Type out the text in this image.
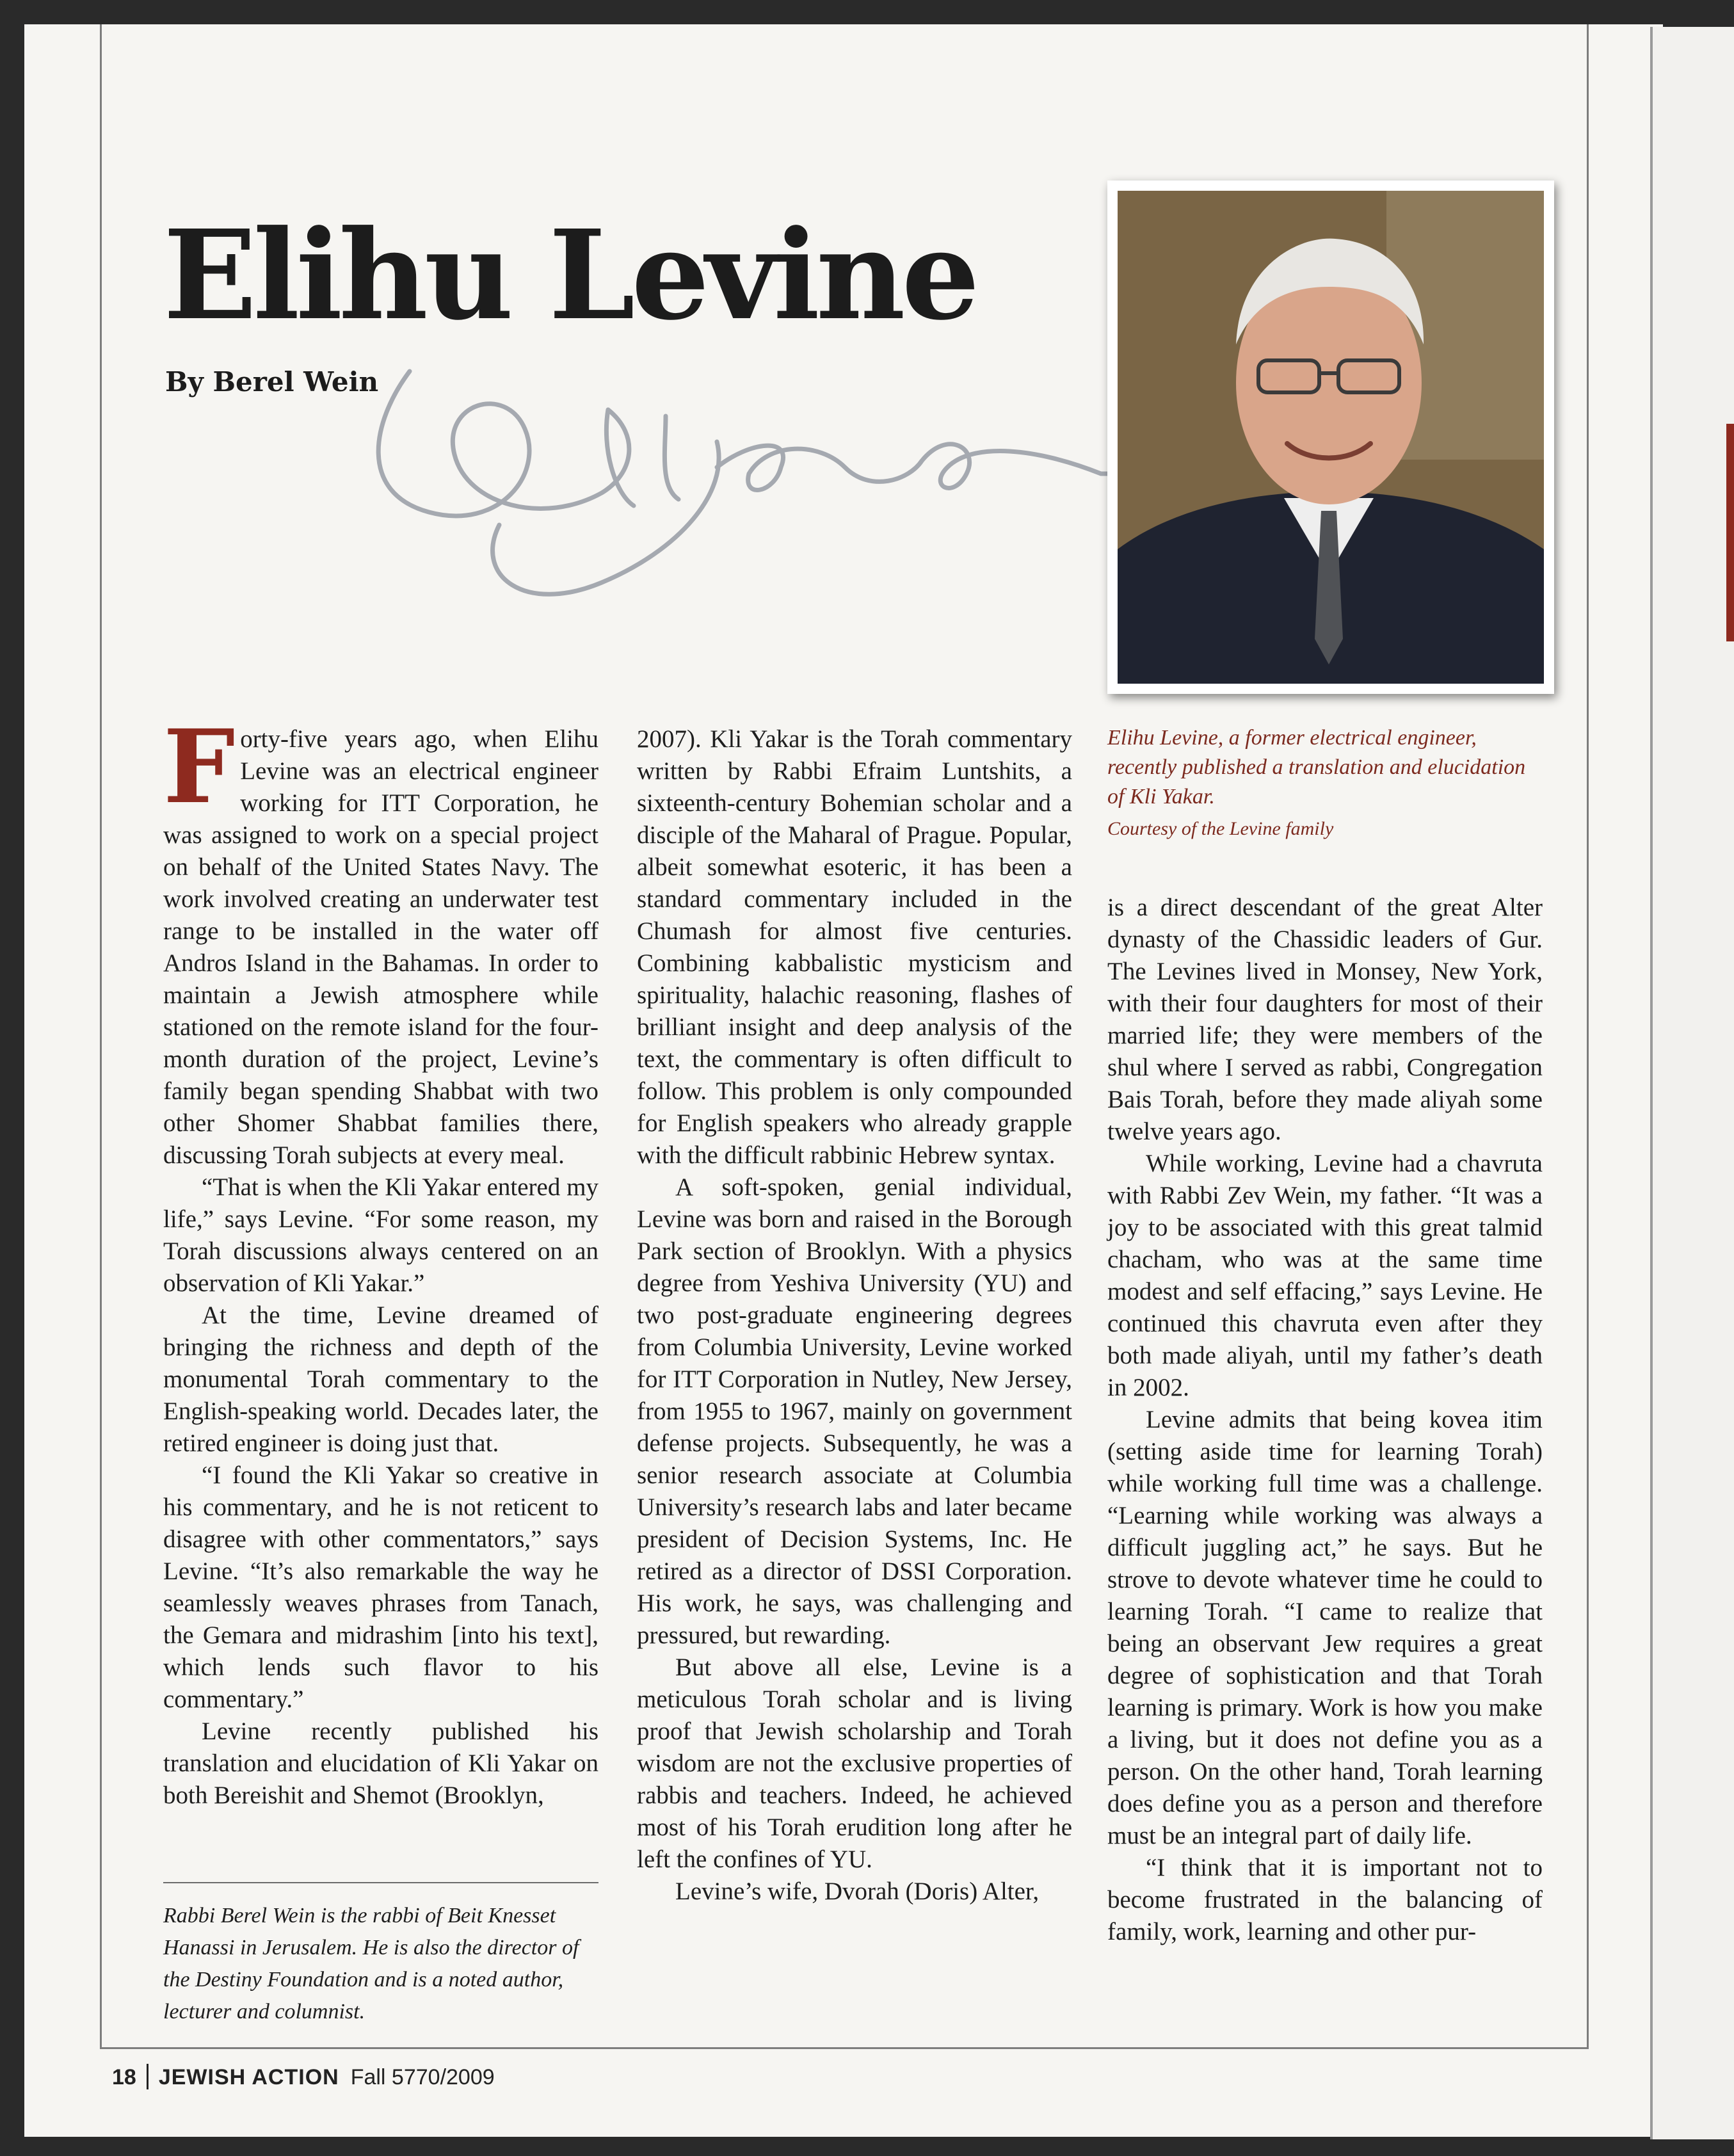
Elihu Levine
By Berel Wein

Forty-five years ago, when Elihu Levine was an electrical engineer working for ITT Corporation, he was assigned to work on a special project on behalf of the United States Navy. The work involved creating an underwater test range to be installed in the water off Andros Island in the Bahamas. In order to maintain a Jewish atmosphere while stationed on the remote island for the four-month duration of the project, Levine’s family began spending Shabbat with two other Shomer Shabbat families there, discussing Torah subjects at every meal.

“That is when the Kli Yakar entered my life,” says Levine. “For some reason, my Torah discussions always centered on an observation of Kli Yakar.”

At the time, Levine dreamed of bringing the richness and depth of the monumental Torah commentary to the English-speaking world. Decades later, the retired engineer is doing just that.

“I found the Kli Yakar so creative in his commentary, and he is not reticent to disagree with other commentators,” says Levine. “It’s also remarkable the way he seamlessly weaves phrases from Tanach, the Gemara and midrashim [into his text], which lends such flavor to his commentary.”

Levine recently published his translation and elucidation of Kli Yakar on both Bereishit and Shemot (Brooklyn,

Rabbi Berel Wein is the rabbi of Beit Knesset Hanassi in Jerusalem. He is also the director of the Destiny Foundation and is a noted author, lecturer and columnist.

2007). Kli Yakar is the Torah commentary written by Rabbi Efraim Luntshits, a sixteenth-century Bohemian scholar and a disciple of the Maharal of Prague. Popular, albeit somewhat esoteric, it has been a standard commentary included in the Chumash for almost five centuries. Combining kabbalistic mysticism and spirituality, halachic reasoning, flashes of brilliant insight and deep analysis of the text, the commentary is often difficult to follow. This problem is only compounded for English speakers who already grapple with the difficult rabbinic Hebrew syntax.

A soft-spoken, genial individual, Levine was born and raised in the Borough Park section of Brooklyn. With a physics degree from Yeshiva University (YU) and two post-graduate engineering degrees from Columbia University, Levine worked for ITT Corporation in Nutley, New Jersey, from 1955 to 1967, mainly on government defense projects. Subsequently, he was a senior research associate at Columbia University’s research labs and later became president of Decision Systems, Inc. He retired as a director of DSSI Corporation. His work, he says, was challenging and pressured, but rewarding.

But above all else, Levine is a meticulous Torah scholar and is living proof that Jewish scholarship and Torah wisdom are not the exclusive properties of rabbis and teachers. Indeed, he achieved most of his Torah erudition long after he left the confines of YU.

Levine’s wife, Dvorah (Doris) Alter,

Elihu Levine, a former electrical engineer, recently published a translation and elucidation of Kli Yakar.
Courtesy of the Levine family

is a direct descendant of the great Alter dynasty of the Chassidic leaders of Gur. The Levines lived in Monsey, New York, with their four daughters for most of their married life; they were members of the shul where I served as rabbi, Congregation Bais Torah, before they made aliyah some twelve years ago.

While working, Levine had a chavruta with Rabbi Zev Wein, my father. “It was a joy to be associated with this great talmid chacham, who was at the same time modest and self effacing,” says Levine. He continued this chavruta even after they both made aliyah, until my father’s death in 2002.

Levine admits that being kovea itim (setting aside time for learning Torah) while working full time was a challenge. “Learning while working was always a difficult juggling act,” he says. But he strove to devote whatever time he could to learning Torah. “I came to realize that being an observant Jew requires a great degree of sophistication and that Torah learning is primary. Work is how you make a living, but it does not define you as a person. On the other hand, Torah learning does define you as a person and therefore must be an integral part of daily life.

“I think that it is important not to become frustrated in the balancing of family, work, learning and other pur-

18 JEWISH ACTION Fall 5770/2009
